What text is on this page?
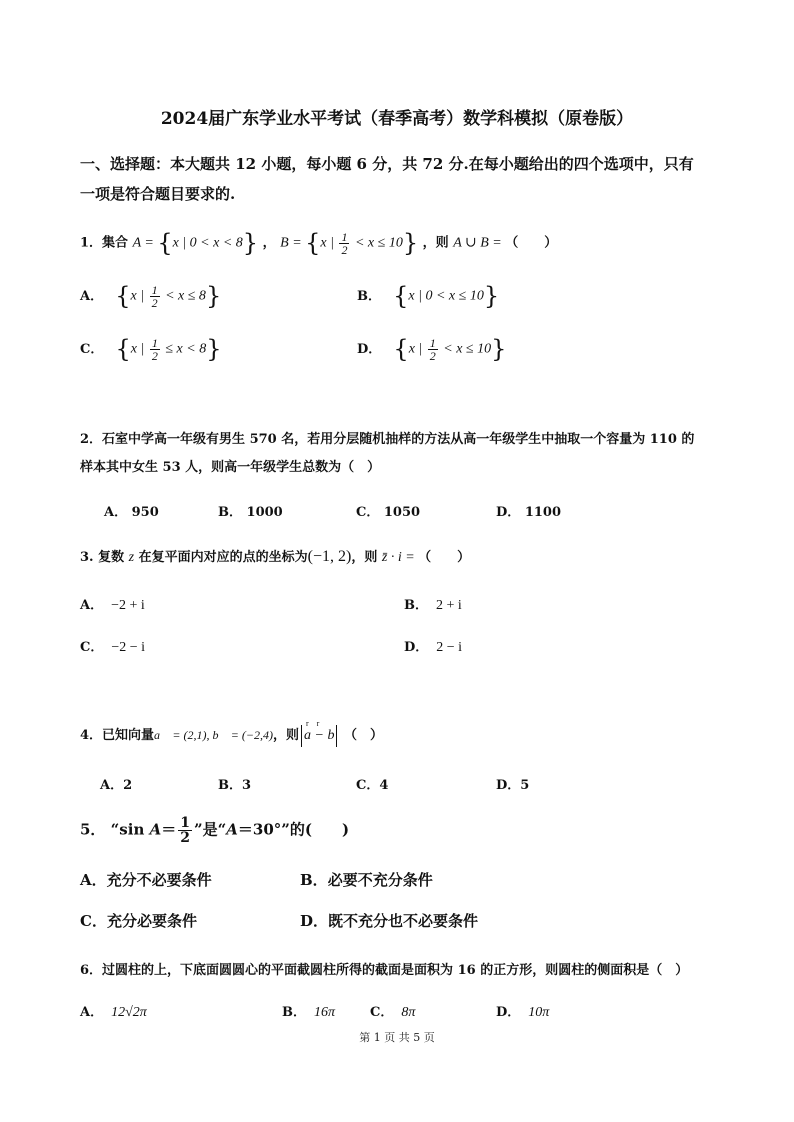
2024届广东学业水平考试（春季高考）数学科模拟（原卷版）
一、选择题：本大题共 12 小题，每小题 6 分，共 72 分.在每小题给出的四个选项中，只有
一项是符合题目要求的.
1．集合 A = {x | 0 < x < 8} ， B = {x | $\frac{1}{2} < x \le 10$} ，则 A ∪ B = （　　）
A． {x | $\frac{1}{2} < x \le 8$}	B． {x | 0 < x ≤ 10}
C． {x | $\frac{1}{2} \le x < 8$}	D． {x | $\frac{1}{2} < x \le 10$}
2．石室中学高一年级有男生 570 名，若用分层随机抽样的方法从高一年级学生中抽取一个容量为 110 的
样本其中女生 53 人，则高一年级学生总数为（　）
A． 950	B． 1000	C． 1050	D． 1100
3. 复数 z 在复平面内对应的点的坐标为(−1, 2)，则 z̄ · i = （　　）
A． −2 + i	B． 2 + i
C． −2 − i	D． 2 − i
4．已知向量a⃗ = (2,1), b⃗ = (−2,4)，则
r　r
a − b （　）
A．2	B．3	C．4	D．5
5． “sin $A= \frac{1}{2}$ ”是“A＝30°”的(　　)
A．充分不必要条件	B．必要不充分条件
C．充分必要条件	D．既不充分也不必要条件
6．过圆柱的上，下底面圆圆心的平面截圆柱所得的截面是面积为 16 的正方形，则圆柱的侧面积是（　）
A． 12√2π	B． 16π	C． 8π	D． 10π
第 1 页 共 5 页
